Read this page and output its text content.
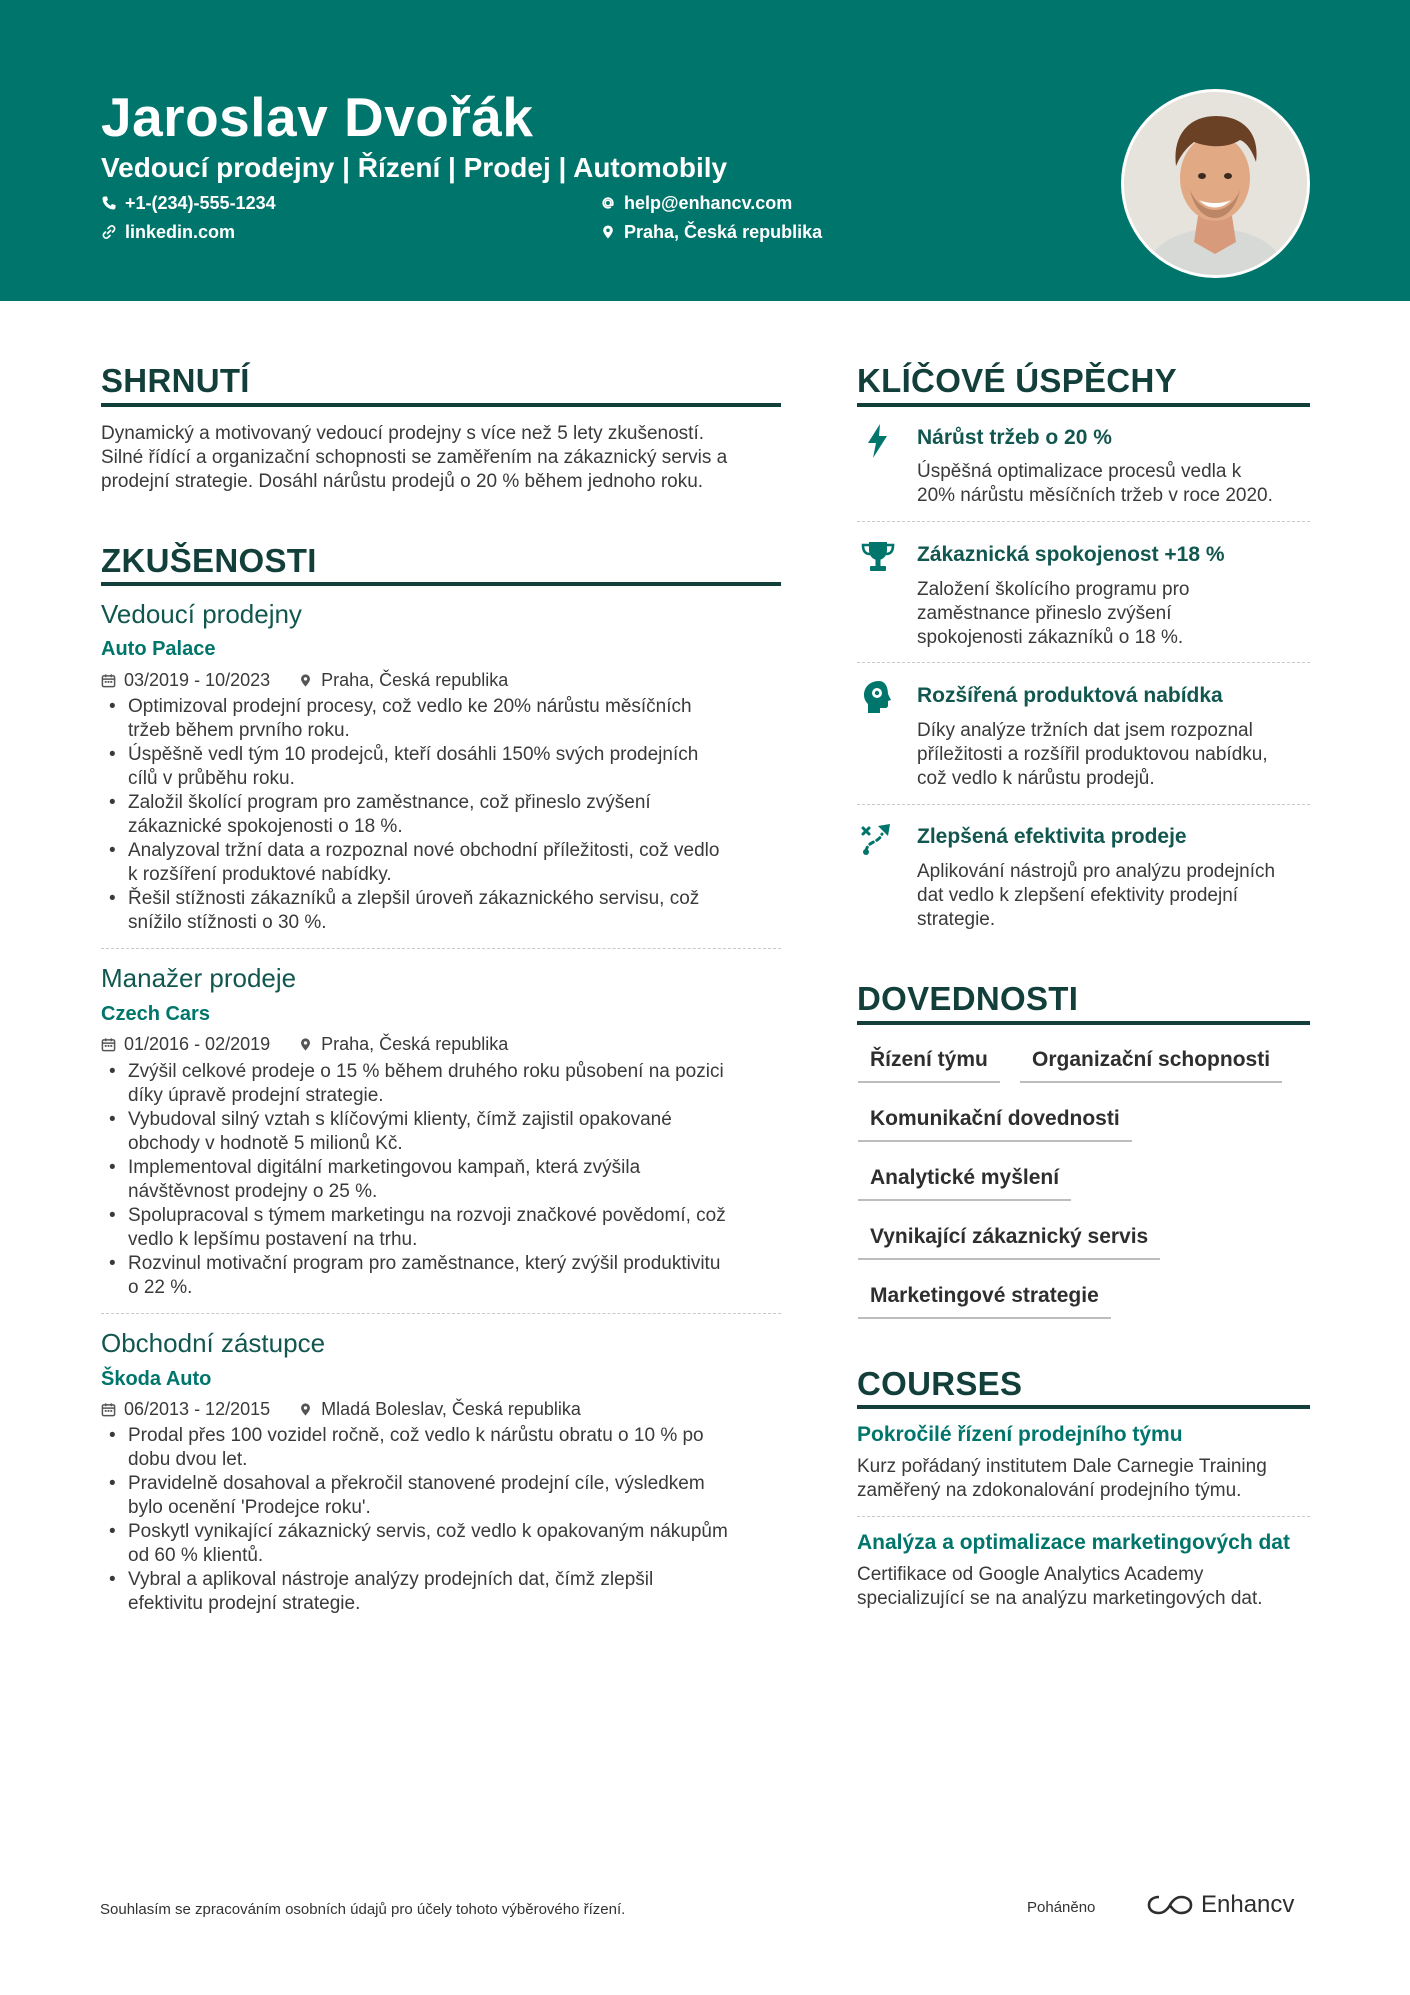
Jaroslav Dvořák
Vedoucí prodejny | Řízení | Prodej | Automobily
+1-(234)-555-1234	help@enhancv.com
linkedin.com	Praha, Česká republika
SHRNUTÍ
Dynamický a motivovaný vedoucí prodejny s více než 5 lety zkušeností.
Silné řídící a organizační schopnosti se zaměřením na zákaznický servis a
prodejní strategie. Dosáhl nárůstu prodejů o 20 % během jednoho roku.
ZKUŠENOSTI
Vedoucí prodejny
Auto Palace
03/2019 - 10/2023	Praha, Česká republika
• Optimizoval prodejní procesy, což vedlo ke 20% nárůstu měsíčních
tržeb během prvního roku.
• Úspěšně vedl tým 10 prodejců, kteří dosáhli 150% svých prodejních
cílů v průběhu roku.
• Založil školící program pro zaměstnance, což přineslo zvýšení
zákaznické spokojenosti o 18 %.
• Analyzoval tržní data a rozpoznal nové obchodní příležitosti, což vedlo
k rozšíření produktové nabídky.
• Řešil stížnosti zákazníků a zlepšil úroveň zákaznického servisu, což
snížilo stížnosti o 30 %.
Manažer prodeje
Czech Cars
01/2016 - 02/2019	Praha, Česká republika
• Zvýšil celkové prodeje o 15 % během druhého roku působení na pozici
díky úpravě prodejní strategie.
• Vybudoval silný vztah s klíčovými klienty, čímž zajistil opakované
obchody v hodnotě 5 milionů Kč.
• Implementoval digitální marketingovou kampaň, která zvýšila
návštěvnost prodejny o 25 %.
• Spolupracoval s týmem marketingu na rozvoji značkové povědomí, což
vedlo k lepšímu postavení na trhu.
• Rozvinul motivační program pro zaměstnance, který zvýšil produktivitu
o 22 %.
Obchodní zástupce
Škoda Auto
06/2013 - 12/2015	Mladá Boleslav, Česká republika
• Prodal přes 100 vozidel ročně, což vedlo k nárůstu obratu o 10 % po
dobu dvou let.
• Pravidelně dosahoval a překročil stanovené prodejní cíle, výsledkem
bylo ocenění 'Prodejce roku'.
• Poskytl vynikající zákaznický servis, což vedlo k opakovaným nákupům
od 60 % klientů.
• Vybral a aplikoval nástroje analýzy prodejních dat, čímž zlepšil
efektivitu prodejní strategie.
KLÍČOVÉ ÚSPĚCHY
Nárůst tržeb o 20 %
Úspěšná optimalizace procesů vedla k
20% nárůstu měsíčních tržeb v roce 2020.
Zákaznická spokojenost +18 %
Založení školícího programu pro
zaměstnance přineslo zvýšení
spokojenosti zákazníků o 18 %.
Rozšířená produktová nabídka
Díky analýze tržních dat jsem rozpoznal
příležitosti a rozšířil produktovou nabídku,
což vedlo k nárůstu prodejů.
Zlepšená efektivita prodeje
Aplikování nástrojů pro analýzu prodejních
dat vedlo k zlepšení efektivity prodejní
strategie.
DOVEDNOSTI
Řízení týmu	Organizační schopnosti
Komunikační dovednosti
Analytické myšlení
Vynikající zákaznický servis
Marketingové strategie
COURSES
Pokročilé řízení prodejního týmu
Kurz pořádaný institutem Dale Carnegie Training
zaměřený na zdokonalování prodejního týmu.
Analýza a optimalizace marketingových dat
Certifikace od Google Analytics Academy
specializující se na analýzu marketingových dat.
Souhlasím se zpracováním osobních údajů pro účely tohoto výběrového řízení.	Poháněno	Enhancv
